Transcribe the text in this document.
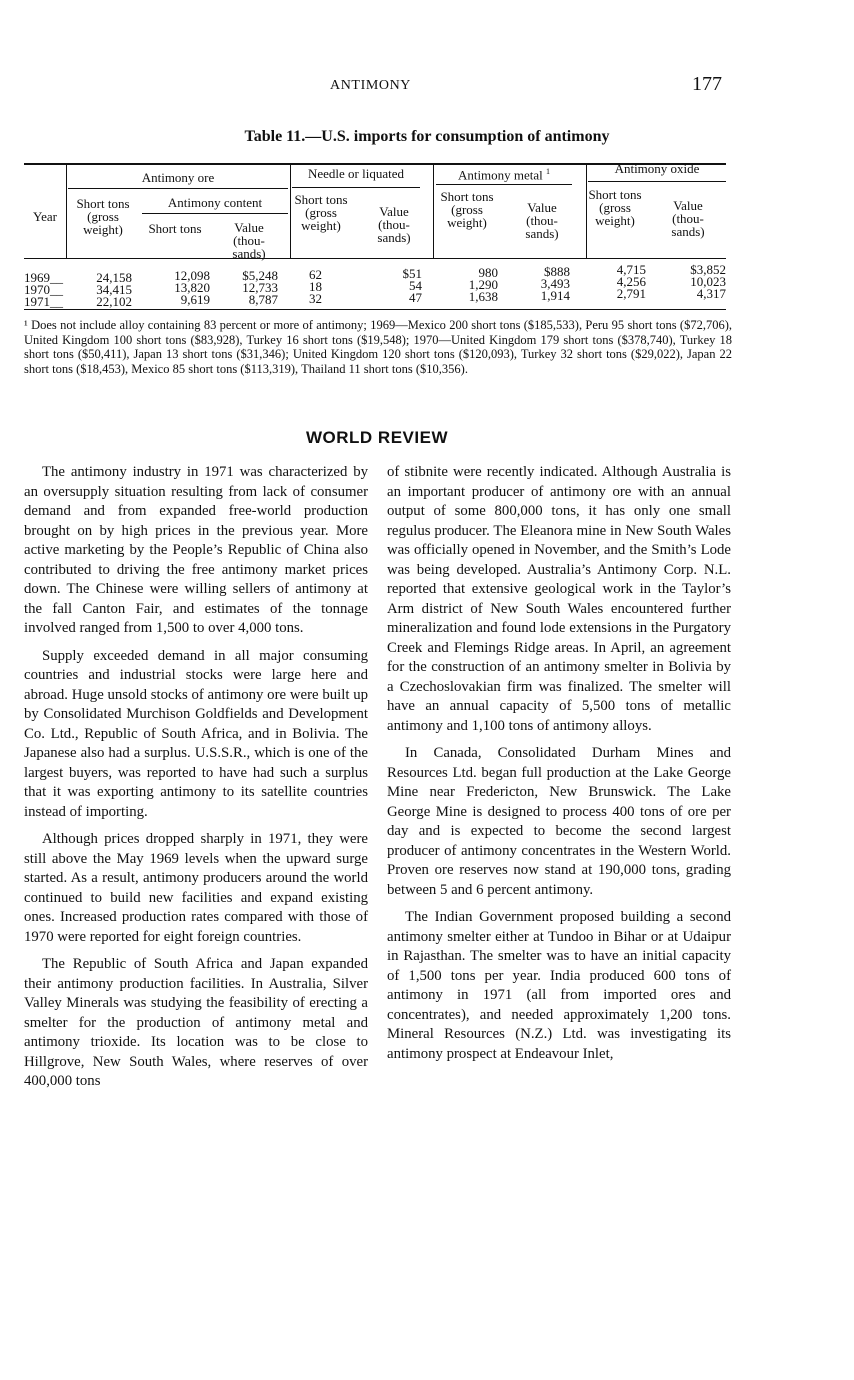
ANTIMONY	177
Table 11.—U.S. imports for consumption of antimony
Year
Antimony ore
Short tons (gross weight)
Antimony content
Short tons	Value (thou- sands)
Needle or liquated
Short tons (gross weight)
Value (thou- sands)
Antimony metal $^1$
Short tons (gross weight)
Value (thou- sands)
Antimony oxide
Short tons (gross weight)
Value (thou- sands)
1969__	24,158	12,098	$5,248	62	$51	980	$888	4,715	$3,852
1970__	34,415	13,820	12,733	18	54	1,290	3,493	4,256	10,023
1971__	22,102	9,619	8,787	32	47	1,638	1,914	2,791	4,317
¹ Does not include alloy containing 83 percent or more of antimony; 1969—Mexico 200 short tons ($185,533), Peru 95 short tons ($72,706), United Kingdom 100 short tons ($83,928), Turkey 16 short tons ($19,548); 1970—United Kingdom 179 short tons ($378,740), Turkey 18 short tons ($50,411), Japan 13 short tons ($31,346); United Kingdom 120 short tons ($120,093), Turkey 32 short tons ($29,022), Japan 22 short tons ($18,453), Mexico 85 short tons ($113,319), Thailand 11 short tons ($10,356).
WORLD REVIEW

The antimony industry in 1971 was characterized by an oversupply situation resulting from lack of consumer demand and from expanded free-world production brought on by high prices in the previous year. More active marketing by the People’s Republic of China also contributed to driving the free antimony market prices down. The Chinese were willing sellers of antimony at the fall Canton Fair, and estimates of the tonnage involved ranged from 1,500 to over 4,000 tons.

Supply exceeded demand in all major consuming countries and industrial stocks were large here and abroad. Huge unsold stocks of antimony ore were built up by Consolidated Murchison Goldfields and Development Co. Ltd., Republic of South Africa, and in Bolivia. The Japanese also had a surplus. U.S.S.R., which is one of the largest buyers, was reported to have had such a surplus that it was exporting antimony to its satellite countries instead of importing.

Although prices dropped sharply in 1971, they were still above the May 1969 levels when the upward surge started. As a result, antimony producers around the world continued to build new facilities and expand existing ones. Increased production rates compared with those of 1970 were reported for eight foreign countries.

The Republic of South Africa and Japan expanded their antimony production facilities. In Australia, Silver Valley Minerals was studying the feasibility of erecting a smelter for the production of antimony metal and antimony trioxide. Its location was to be close to Hillgrove, New South Wales, where reserves of over 400,000 tons

of stibnite were recently indicated. Although Australia is an important producer of antimony ore with an annual output of some 800,000 tons, it has only one small regulus producer. The Eleanora mine in New South Wales was officially opened in November, and the Smith’s Lode was being developed. Australia’s Antimony Corp. N.L. reported that extensive geological work in the Taylor’s Arm district of New South Wales encountered further mineralization and found lode extensions in the Purgatory Creek and Flemings Ridge areas. In April, an agreement for the construction of an antimony smelter in Bolivia by a Czechoslovakian firm was finalized. The smelter will have an annual capacity of 5,500 tons of metallic antimony and 1,100 tons of antimony alloys.

In Canada, Consolidated Durham Mines and Resources Ltd. began full production at the Lake George Mine near Fredericton, New Brunswick. The Lake George Mine is designed to process 400 tons of ore per day and is expected to become the second largest producer of antimony concentrates in the Western World. Proven ore reserves now stand at 190,000 tons, grading between 5 and 6 percent antimony.

The Indian Government proposed building a second antimony smelter either at Tundoo in Bihar or at Udaipur in Rajasthan. The smelter was to have an initial capacity of 1,500 tons per year. India produced 600 tons of antimony in 1971 (all from imported ores and concentrates), and needed approximately 1,200 tons. Mineral Resources (N.Z.) Ltd. was investigating its antimony prospect at Endeavour Inlet,
